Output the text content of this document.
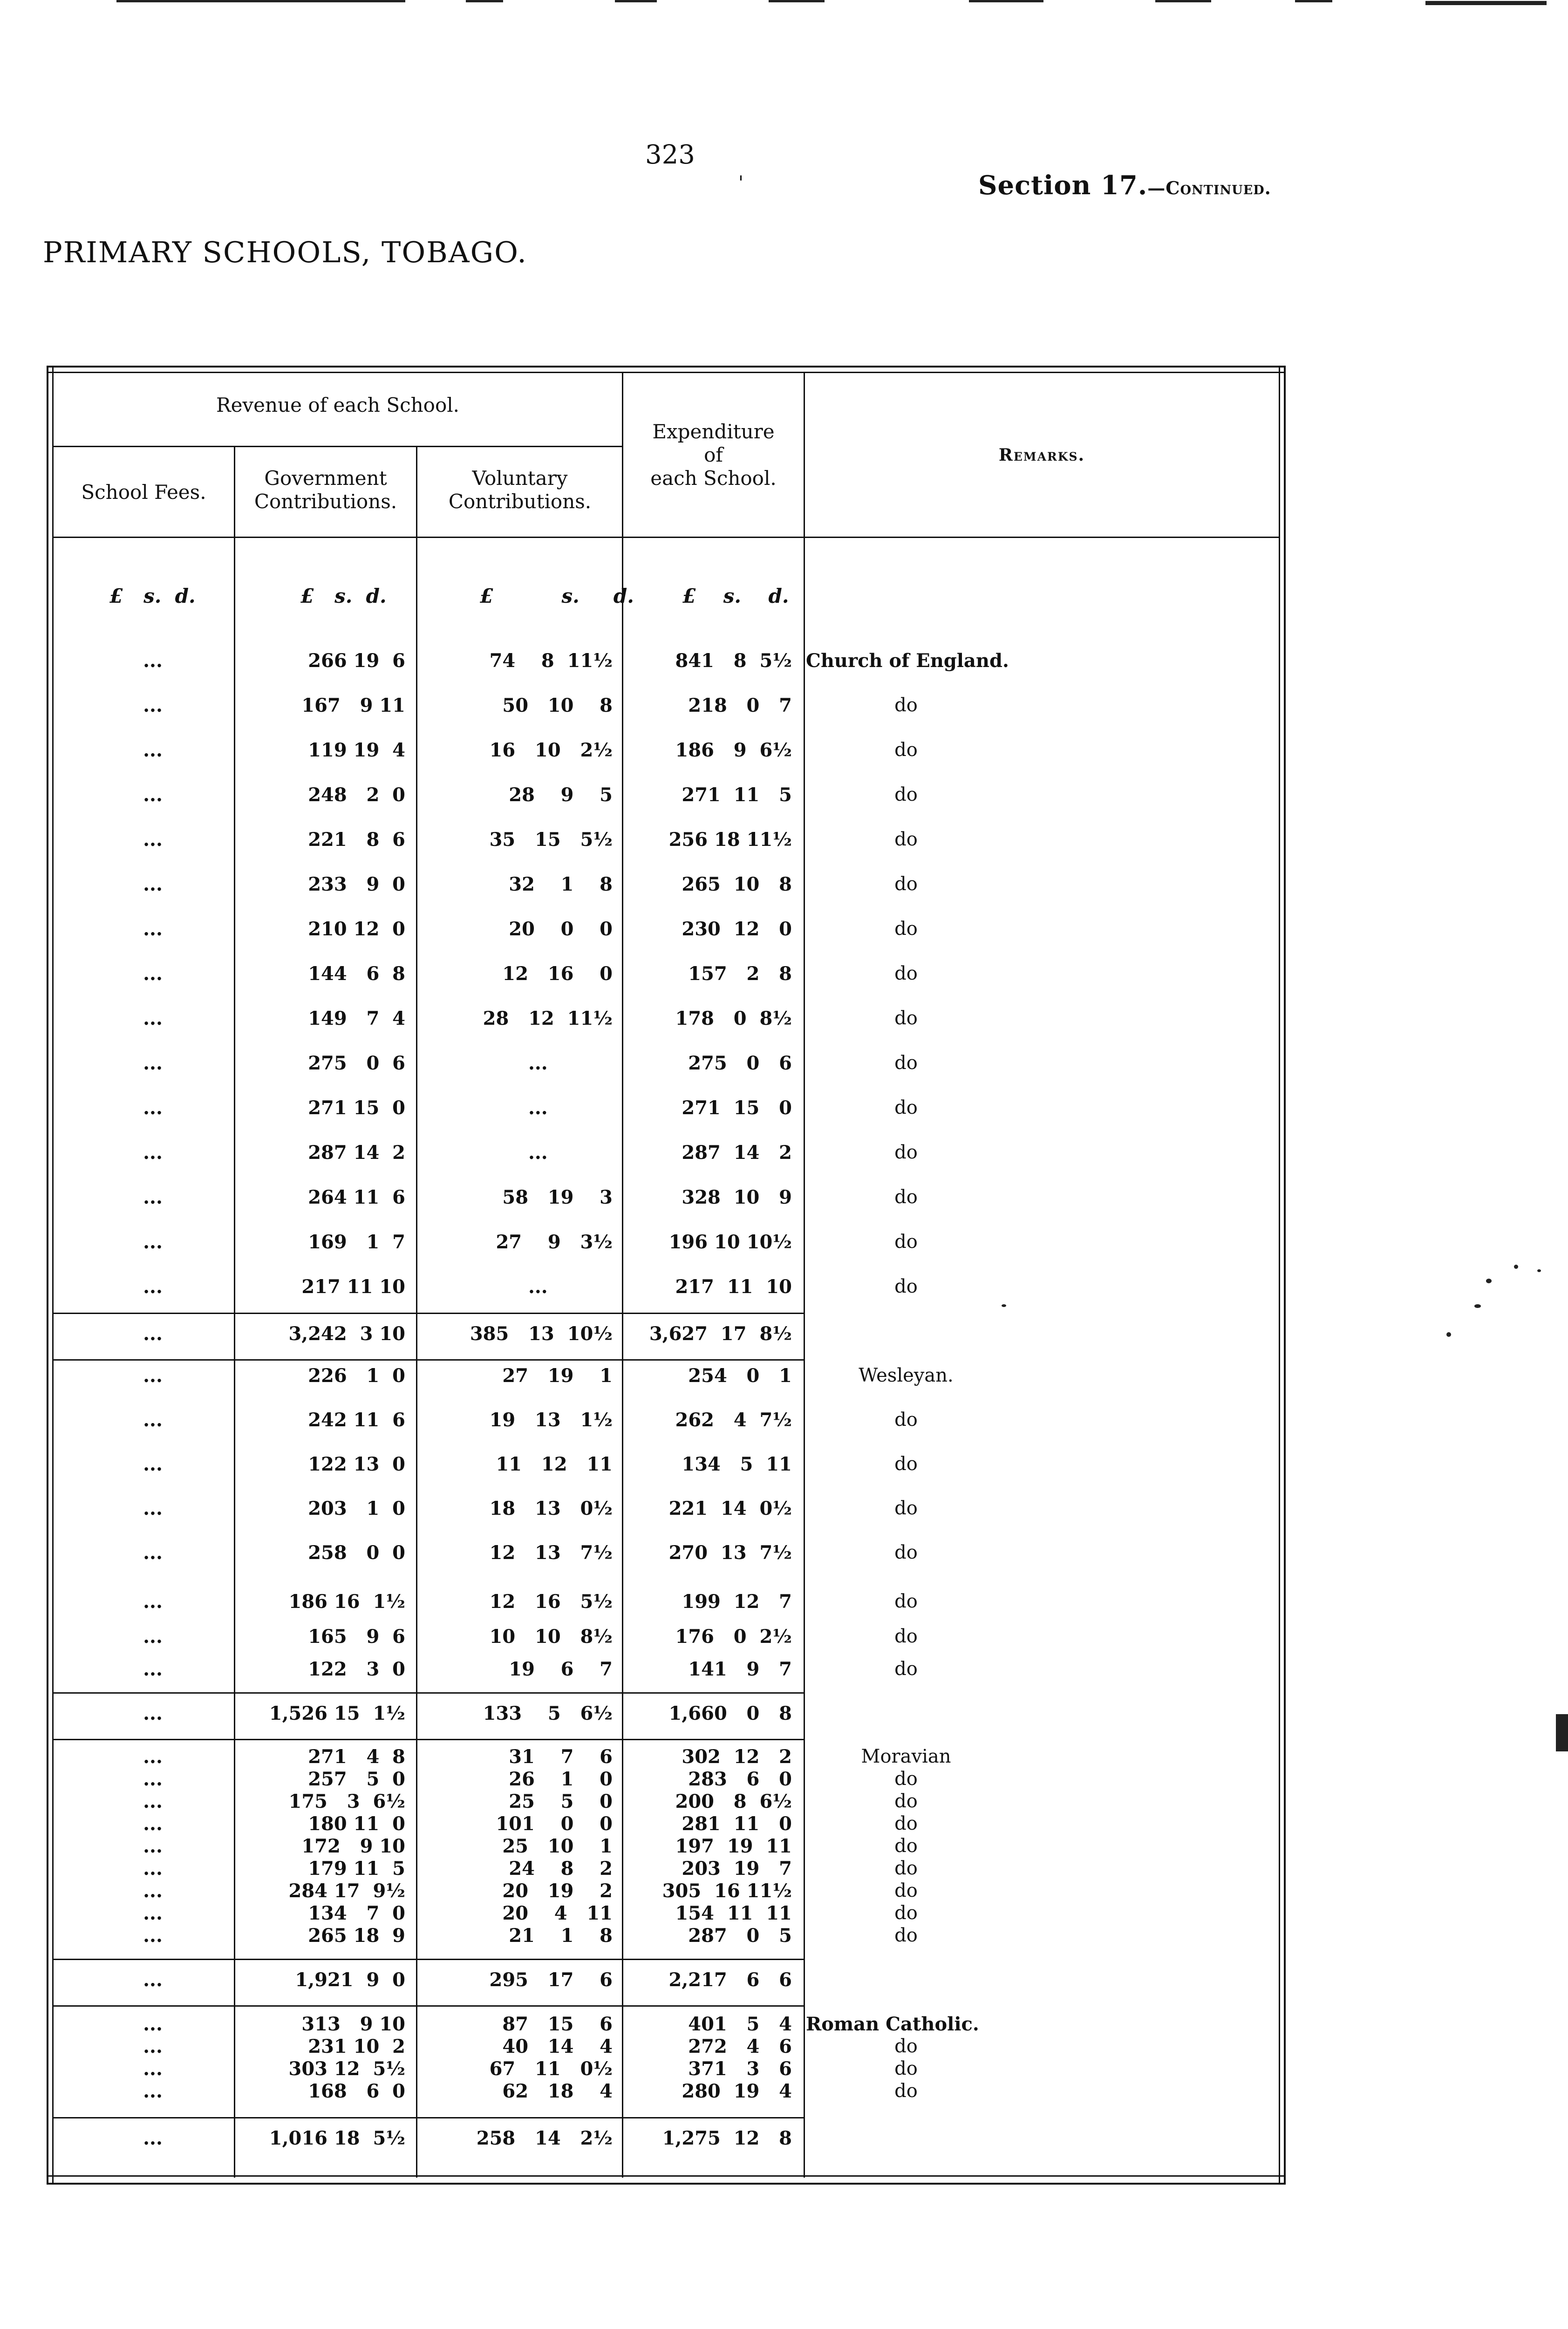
323
'	Section 17.—Continued.
PRIMARY SCHOOLS, TOBAGO.
Revenue of each School.
School Fees.
Government
Contributions.
Voluntary
Contributions.
Expenditure
of
each School.
Remarks.
£   s.  d.	£   s.  d.	£          s.     d. £    s.    d.
...	266 19  6	74    8  11½	841   8  5½ Church of England.
...	167   9 11	50   10    8	218   0   7	do
...	119 19  4	16   10   2½	186   9  6½	do
...	248   2  0	28    9    5	271  11   5	do
...	221   8  6	35   15   5½	256 18 11½	do
...	233   9  0	32    1    8	265  10   8	do
...	210 12  0	20    0    0	230  12   0	do
...	144   6  8	12   16    0	157   2   8	do
...	149   7  4	28   12  11½	178   0  8½	do
...	275   0  6	...	275   0   6	do
...	271 15  0	...	271  15   0	do
...	287 14  2	...	287  14   2	do
...	264 11  6	58   19    3	328  10   9	do
...	169   1  7	27    9   3½	196 10 10½	do
...	217 11 10	...	217  11  10	do
...	3,242  3 10	385   13  10½	3,627  17  8½
...	226   1  0	27   19    1	254   0   1	Wesleyan.
...	242 11  6	19   13   1½	262   4  7½	do
...	122 13  0	11   12   11	134   5  11	do
...	203   1  0	18   13   0½	221  14  0½	do
...	258   0  0	12   13   7½	270  13  7½	do
...	186 16  1½	12   16   5½	199  12   7	do
...	165   9  6	10   10   8½	176   0  2½	do
...	122   3  0	19    6    7	141   9   7	do
...	1,526 15  1½	133    5   6½	1,660   0   8
...	271   4  8	31    7    6	302  12   2	Moravian
...	257   5  0	26    1    0	283   6   0	do
...	175   3  6½	25    5    0	200   8  6½	do
...	180 11  0	101    0    0	281  11   0	do
...	172   9 10	25   10    1	197  19  11	do
...	179 11  5	24    8    2	203  19   7	do
...	284 17  9½	20   19    2	305  16 11½	do
...	134   7  0	20    4   11	154  11  11	do
...	265 18  9	21    1    8	287   0   5	do
...	1,921  9  0	295   17    6	2,217   6   6
...	313   9 10	87   15    6	401   5   4 Roman Catholic.
...	231 10  2	40   14    4	272   4   6	do
...	303 12  5½	67   11   0½	371   3   6	do
...	168   6  0	62   18    4	280  19   4	do
...	1,016 18  5½	258   14   2½	1,275  12   8
